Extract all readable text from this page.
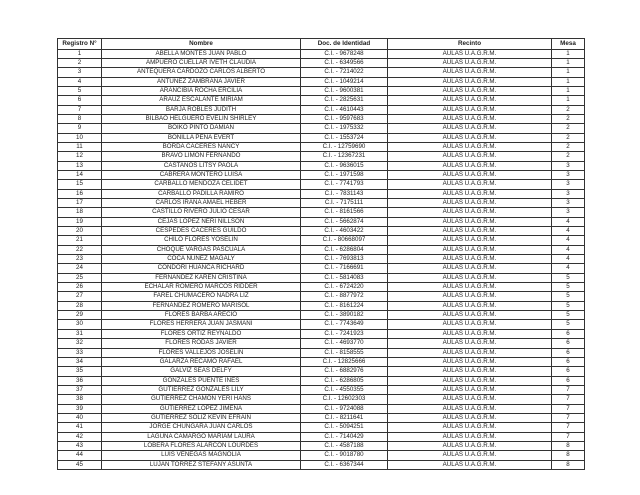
Registro N°	Nombre	Doc. de Identidad	Recinto	Mesa
1	ABELLA MONTES JUAN PABLO	C.I. - 9678248	AULAS U.A.G.R.M.	1
2	AMPUERO CUELLAR IVETH CLAUDIA	C.I. - 6349566	AULAS U.A.G.R.M.	1
3	ANTEQUERA CARDOZO CARLOS ALBERTO	C.I. - 7214022	AULAS U.A.G.R.M.	1
4	ANTUNEZ ZAMBRANA JAVIER	C.I. - 1049214	AULAS U.A.G.R.M.	1
5	ARANCIBIA ROCHA ERCILIA	C.I. - 9600381	AULAS U.A.G.R.M.	1
6	ARAUZ ESCALANTE MIRIAM	C.I. - 2825631	AULAS U.A.G.R.M.	1
7	BARJA ROBLES JUDITH	C.I. - 4610443	AULAS U.A.G.R.M.	2
8	BILBAO HELGUERO EVELIN SHIRLEY	C.I. - 9597683	AULAS U.A.G.R.M.	2
9	BOIKO PINTO DAMIAN	C.I. - 1975332	AULAS U.A.G.R.M.	2
10	BONILLA PEÑA EVERT	C.I. - 1553724	AULAS U.A.G.R.M.	2
11	BORDA CACERES NANCY	C.I. - 12759690	AULAS U.A.G.R.M.	2
12	BRAVO LIMON FERNANDO	C.I. - 12367231	AULAS U.A.G.R.M.	2
13	CASTAÑOS LITSY PAOLA	C.I. - 9636015	AULAS U.A.G.R.M.	3
14	CABRERA MONTERO LUISA	C.I. - 1971598	AULAS U.A.G.R.M.	3
15	CARBALLO MENDOZA CELIDET	C.I. - 7741793	AULAS U.A.G.R.M.	3
16	CARBALLO PADILLA RAMIRO	C.I. - 7831143	AULAS U.A.G.R.M.	3
17	CARLOS IRAÑA AMAEL HEBER	C.I. - 7175111	AULAS U.A.G.R.M.	3
18	CASTILLO RIVERO JULIO CESAR	C.I. - 8161566	AULAS U.A.G.R.M.	3
19	CEJAS LOPEZ NERI NILLSON	C.I. - 5662874	AULAS U.A.G.R.M.	4
20	CESPEDES CACERES GUILDO	C.I. - 4603422	AULAS U.A.G.R.M.	4
21	CHILO FLORES YOSELIN	C.I. - 80668097	AULAS U.A.G.R.M.	4
22	CHOQUE VARGAS PASCUALA	C.I. - 6286804	AULAS U.A.G.R.M.	4
23	COCA NUÑEZ MAGALY	C.I. - 7693813	AULAS U.A.G.R.M.	4
24	CONDORI HUANCA RICHARD	C.I. - 7166691	AULAS U.A.G.R.M.	4
25	FERNANDEZ KAREN CRISTINA	C.I. - 5814083	AULAS U.A.G.R.M.	5
26	ECHALAR ROMERO MARCOS RIDDER	C.I. - 6724220	AULAS U.A.G.R.M.	5
27	FAREL CHUMACERO NADRA LIZ	C.I. - 8877972	AULAS U.A.G.R.M.	5
28	FERNANDEZ ROMERO MARISOL	C.I. - 8161224	AULAS U.A.G.R.M.	5
29	FLORES BARBA ARECIO	C.I. - 3890182	AULAS U.A.G.R.M.	5
30	FLORES HERRERA JUAN JASMANI	C.I. - 7743649	AULAS U.A.G.R.M.	5
31	FLORES ORTIZ REYNALDO	C.I. - 7241923	AULAS U.A.G.R.M.	6
32	FLORES RODAS JAVIER	C.I. - 4693770	AULAS U.A.G.R.M.	6
33	FLORES VALLEJOS JOSELIN	C.I. - 8158555	AULAS U.A.G.R.M.	6
34	GALARZA RECAMO RAFAEL	C.I. - 12825666	AULAS U.A.G.R.M.	6
35	GALVIZ SEAS DELFY	C.I. - 6882976	AULAS U.A.G.R.M.	6
36	GONZALES PUENTE INES	C.I. - 6286805	AULAS U.A.G.R.M.	6
37	GUTIERREZ GONZALES LILY	C.I. - 4550355	AULAS U.A.G.R.M.	7
38	GUTIERREZ CHAMON YERI HANS	C.I. - 12602303	AULAS U.A.G.R.M.	7
39	GUTIERREZ LOPEZ JIMENA	C.I. - 9724088	AULAS U.A.G.R.M.	7
40	GUTIERREZ SOLIZ KEVIN EFRAIN	C.I. - 8211641	AULAS U.A.G.R.M.	7
41	JORGE CHUNGARA JUAN CARLOS	C.I. - 5094251	AULAS U.A.G.R.M.	7
42	LAGUNA CAMARGO MARIAM LAURA	C.I. - 7140429	AULAS U.A.G.R.M.	7
43	LOBERA FLORES ALARCON LOURDES	C.I. - 4587188	AULAS U.A.G.R.M.	8
44	LUIS VENEGAS MAGNOLIA	C.I. - 9018780	AULAS U.A.G.R.M.	8
45	LUJAN TORREZ STEFANY ASUNTA	C.I. - 6367344	AULAS U.A.G.R.M.	8
